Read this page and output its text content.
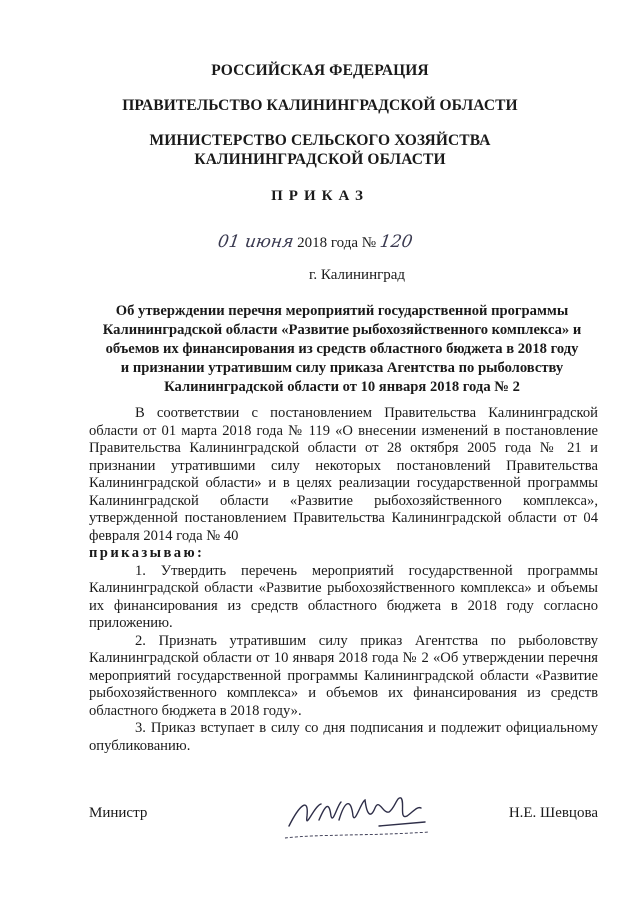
РОССИЙСКАЯ ФЕДЕРАЦИЯ
ПРАВИТЕЛЬСТВО КАЛИНИНГРАДСКОЙ ОБЛАСТИ
МИНИСТЕРСТВО СЕЛЬСКОГО ХОЗЯЙСТВА
КАЛИНИНГРАДСКОЙ ОБЛАСТИ
ПРИКАЗ
01 июня 2018 года № 120
г. Калининград
Об утверждении перечня мероприятий государственной программы
Калининградской области «Развитие рыбохозяйственного комплекса» и
объемов их финансирования из средств областного бюджета в 2018 году
и признании утратившим силу приказа Агентства по рыболовству
Калининградской области от 10 января 2018 года № 2

В соответствии с постановлением Правительства Калининградской области от 01 марта 2018 года № 119 «О внесении изменений в постановление Правительства Калининградской области от 28 октября 2005 года № 21 и признании утратившими силу некоторых постановлений Правительства Калининградской области» и в целях реализации государственной программы Калининградской области «Развитие рыбохозяйственного комплекса», утвержденной постановлением Правительства Калининградской области от 04 февраля 2014 года № 40

приказываю:

1. Утвердить перечень мероприятий государственной программы Калининградской области «Развитие рыбохозяйственного комплекса» и объемы их финансирования из средств областного бюджета в 2018 году согласно приложению.

2. Признать утратившим силу приказ Агентства по рыболовству Калининградской области от 10 января 2018 года № 2 «Об утверждении перечня мероприятий государственной программы Калининградской области «Развитие рыбохозяйственного комплекса» и объемов их финансирования из средств областного бюджета в 2018 году».

3. Приказ вступает в силу со дня подписания и подлежит официальному опубликованию.

Министр	Н.Е. Шевцова
